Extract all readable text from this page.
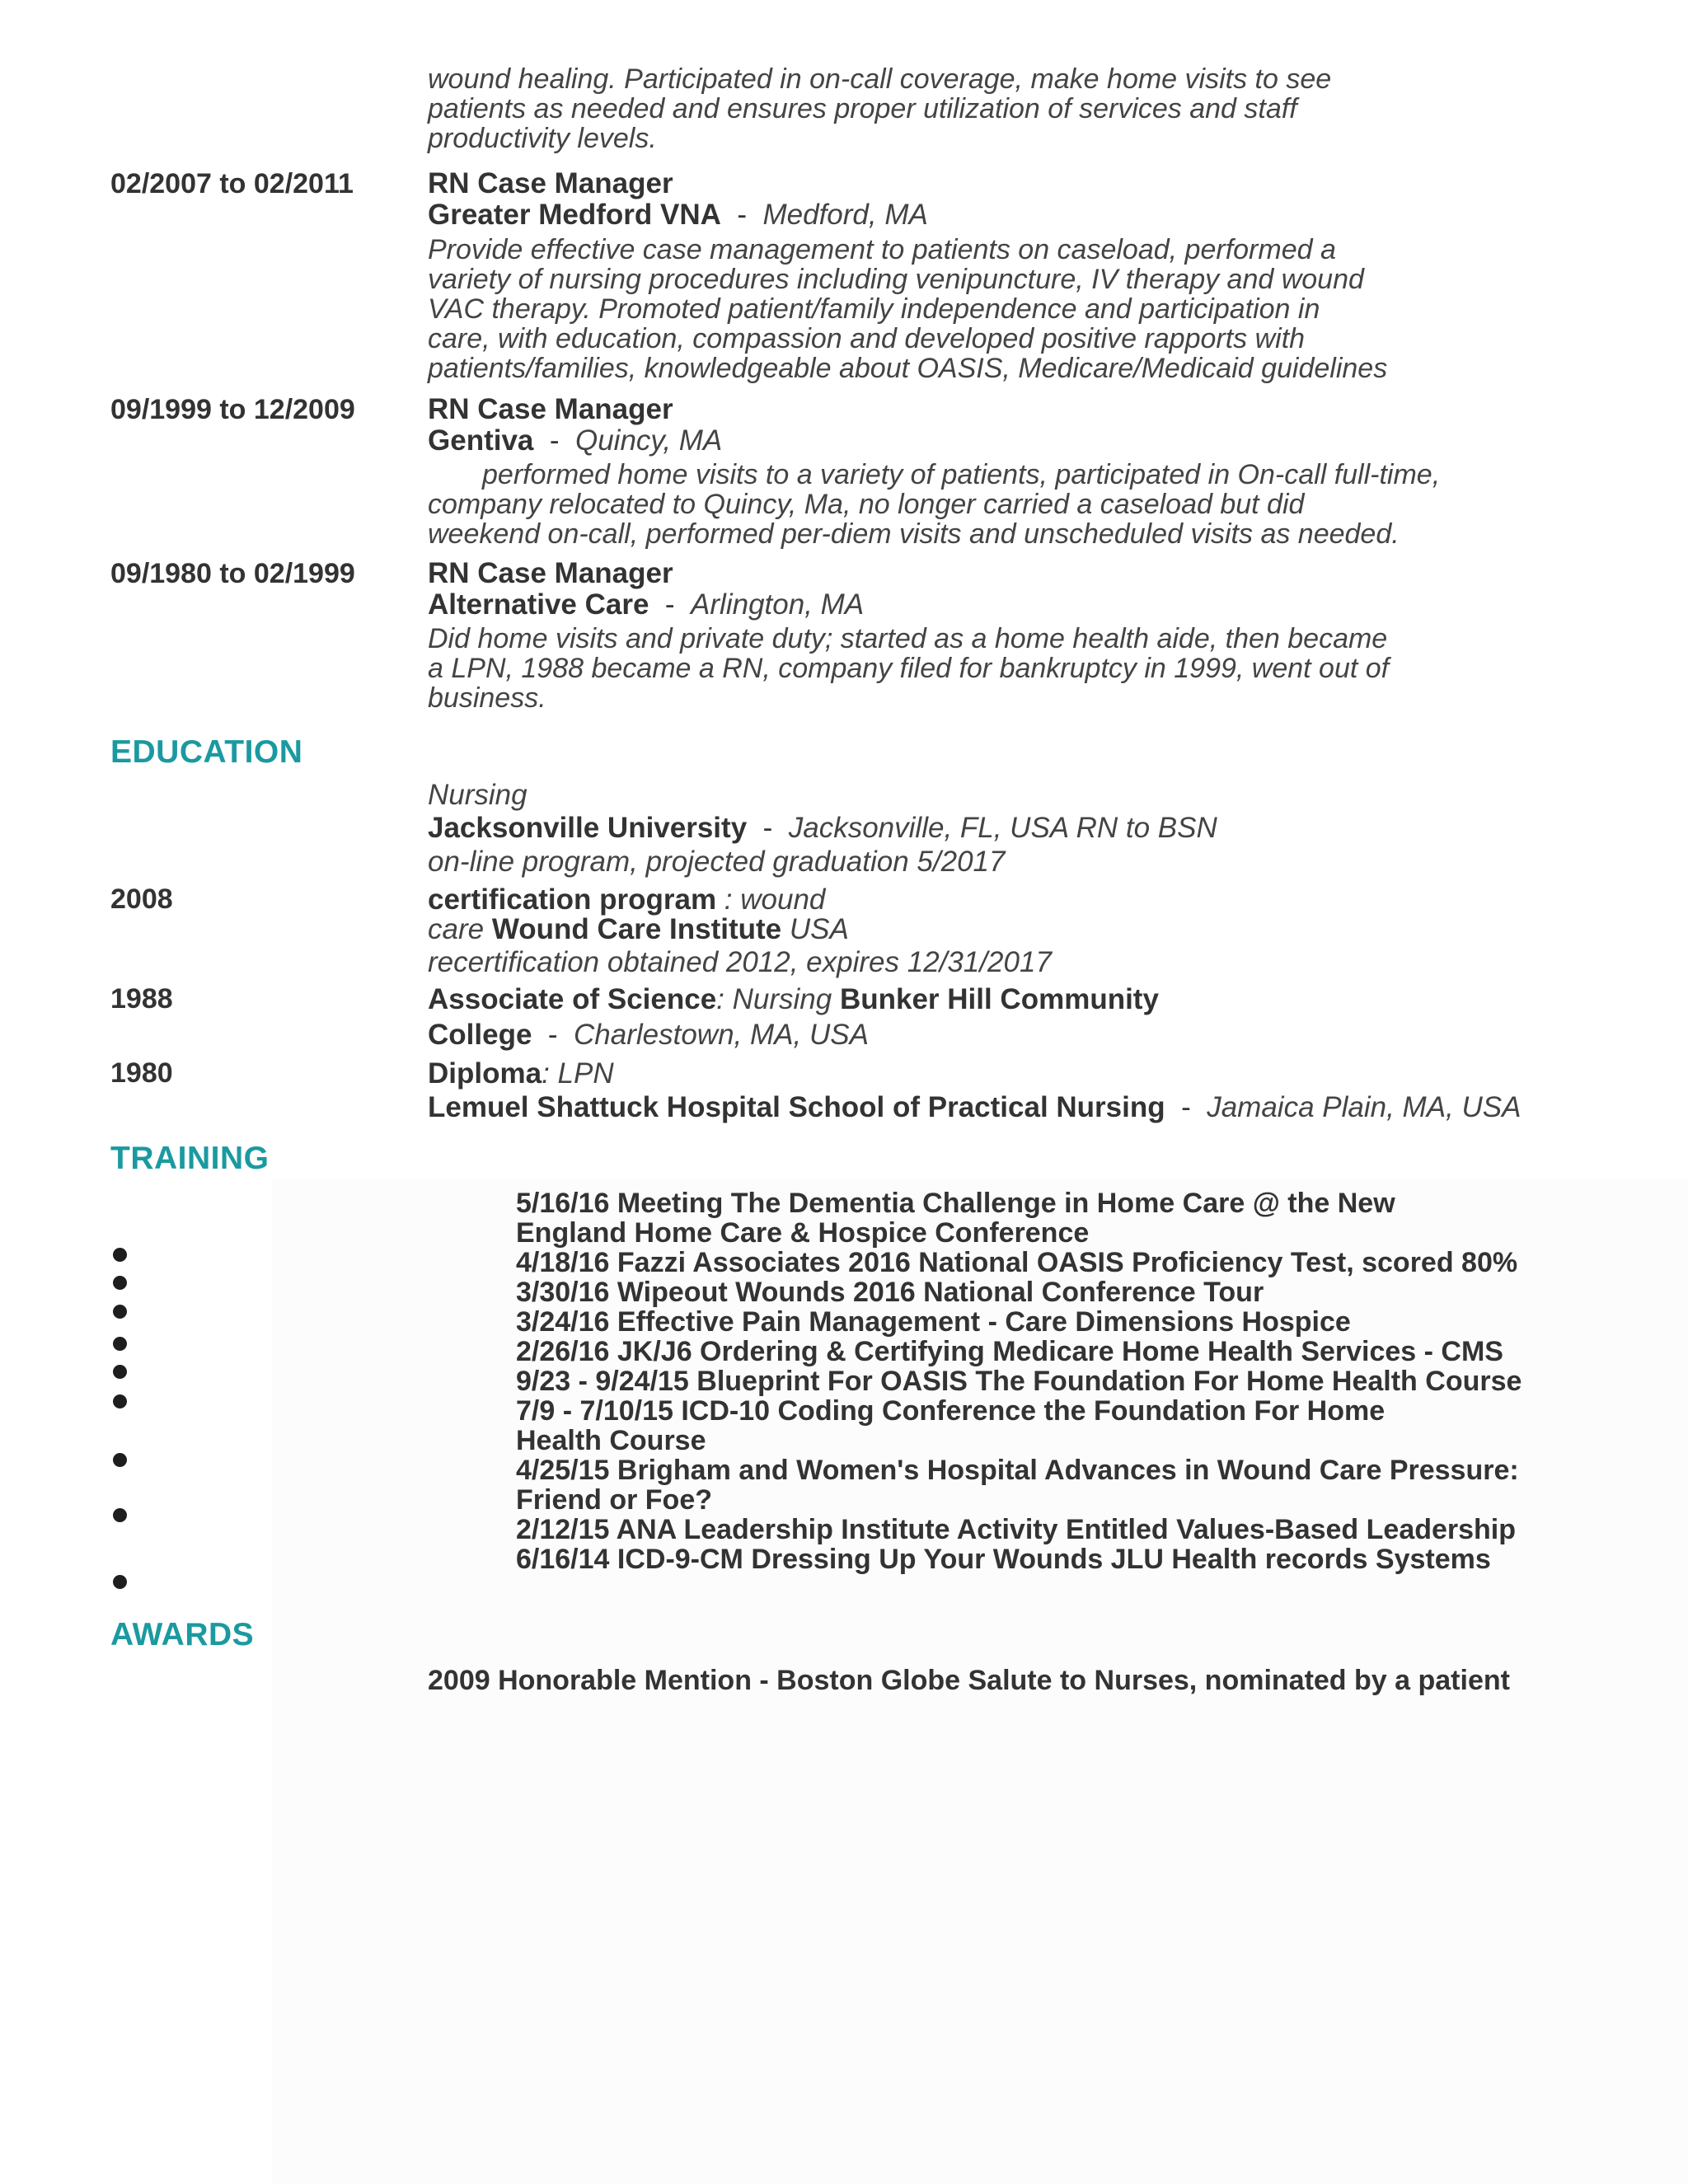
wound healing. Participated in on-call coverage, make home visits to see
patients as needed and ensures proper utilization of services and staff
productivity levels.
02/2007 to 02/2011	RN Case Manager
Greater Medford VNA - Medford, MA
Provide effective case management to patients on caseload, performed a
variety of nursing procedures including venipuncture, IV therapy and wound
VAC therapy. Promoted patient/family independence and participation in
care, with education, compassion and developed positive rapports with
patients/families, knowledgeable about OASIS, Medicare/Medicaid guidelines
09/1999 to 12/2009	RN Case Manager
Gentiva - Quincy, MA
performed home visits to a variety of patients, participated in On-call full-time,
company relocated to Quincy, Ma, no longer carried a caseload but did
weekend on-call, performed per-diem visits and unscheduled visits as needed.
09/1980 to 02/1999	RN Case Manager
Alternative Care - Arlington, MA
Did home visits and private duty; started as a home health aide, then became
a LPN, 1988 became a RN, company filed for bankruptcy in 1999, went out of
business.
EDUCATION
Nursing
Jacksonville University - Jacksonville, FL, USA RN to BSN
on-line program, projected graduation 5/2017
2008	certification program : wound
care Wound Care Institute USA
recertification obtained 2012, expires 12/31/2017
1988	Associate of Science: Nursing Bunker Hill Community
College - Charlestown, MA, USA
1980	Diploma: LPN
Lemuel Shattuck Hospital School of Practical Nursing - Jamaica Plain, MA, USA
TRAINING
5/16/16 Meeting The Dementia Challenge in Home Care @ the New
England Home Care & Hospice Conference
4/18/16 Fazzi Associates 2016 National OASIS Proficiency Test, scored 80%
3/30/16 Wipeout Wounds 2016 National Conference Tour
3/24/16 Effective Pain Management - Care Dimensions Hospice
2/26/16 JK/J6 Ordering & Certifying Medicare Home Health Services - CMS
9/23 - 9/24/15 Blueprint For OASIS The Foundation For Home Health Course
7/9 - 7/10/15 ICD-10 Coding Conference the Foundation For Home
Health Course
4/25/15 Brigham and Women's Hospital Advances in Wound Care Pressure:
Friend or Foe?
2/12/15 ANA Leadership Institute Activity Entitled Values-Based Leadership
6/16/14 ICD-9-CM Dressing Up Your Wounds JLU Health records Systems
AWARDS
2009 Honorable Mention - Boston Globe Salute to Nurses, nominated by a patient
